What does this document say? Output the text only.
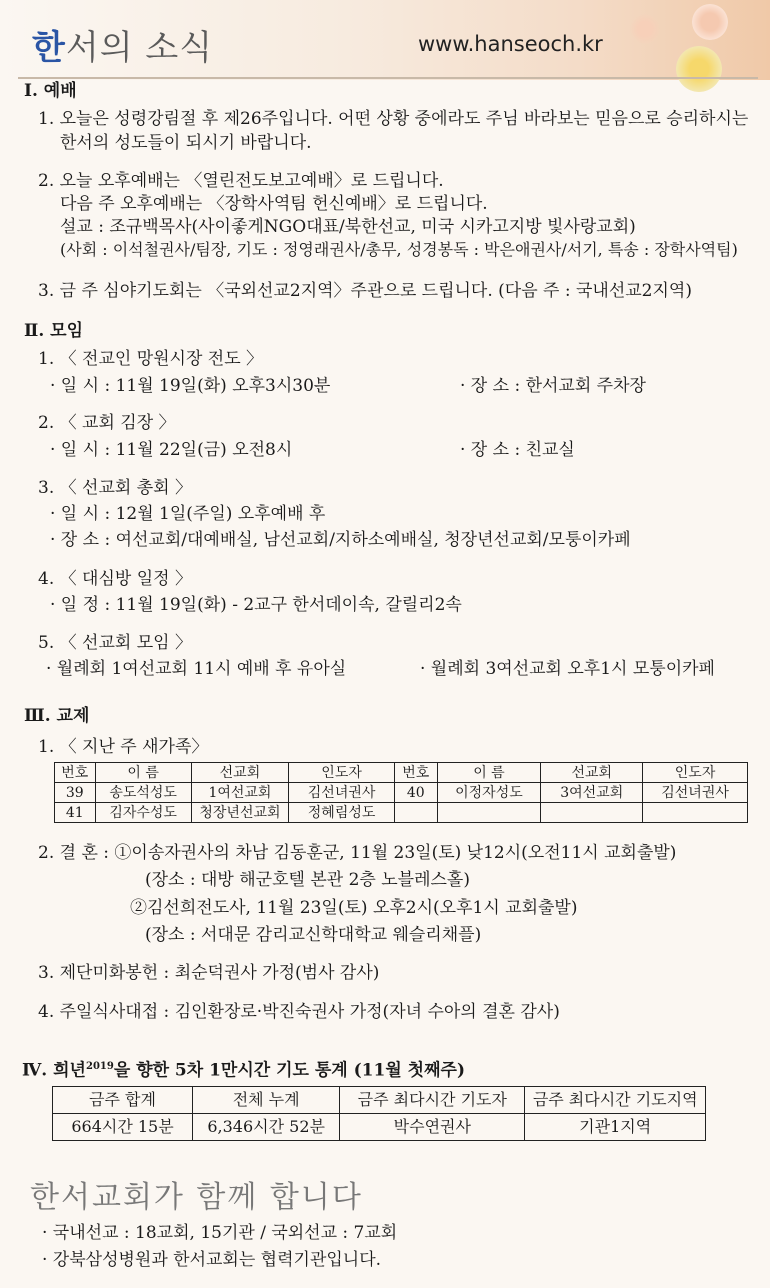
한서의 소식	www.hanseoch.kr
Ⅰ. 예배
1. 오늘은 성령강림절 후 제26주입니다. 어떤 상황 중에라도 주님 바라보는 믿음으로 승리하시는
한서의 성도들이 되시기 바랍니다.
2. 오늘 오후예배는 〈열린전도보고예배〉로 드립니다.
다음 주 오후예배는 〈장학사역팀 헌신예배〉로 드립니다.
설교 : 조규백목사(사이좋게NGO대표/북한선교, 미국 시카고지방 빛사랑교회)
(사회 : 이석철권사/팀장, 기도 : 정영래권사/총무, 성경봉독 : 박은애권사/서기, 특송 : 장학사역팀)
3. 금 주 심야기도회는 〈국외선교2지역〉주관으로 드립니다. (다음 주 : 국내선교2지역)
Ⅱ. 모임
1. 〈 전교인 망원시장 전도 〉
· 일 시 : 11월 19일(화) 오후3시30분	· 장 소 : 한서교회 주차장
2. 〈 교회 김장 〉
· 일 시 : 11월 22일(금) 오전8시	· 장 소 : 친교실
3. 〈 선교회 총회 〉
· 일 시 : 12월 1일(주일) 오후예배 후
· 장 소 : 여선교회/대예배실, 남선교회/지하소예배실, 청장년선교회/모퉁이카페
4. 〈 대심방 일정 〉
· 일 정 : 11월 19일(화) - 2교구 한서데이속, 갈릴리2속
5. 〈 선교회 모임 〉
· 월례회 1여선교회 11시 예배 후 유아실	· 월례회 3여선교회 오후1시 모퉁이카페
Ⅲ. 교제
1. 〈 지난 주 새가족〉
번호	이 름	선교회	인도자	번호	이 름	선교회	인도자
39	송도석성도	1여선교회	김선녀권사	40	이정자성도	3여선교회	김선녀권사
41	김자수성도	청장년선교회	정혜림성도				
2. 결 혼 : ①이송자권사의 차남 김동훈군, 11월 23일(토) 낮12시(오전11시 교회출발)
(장소 : 대방 해군호텔 본관 2층 노블레스홀)
②김선희전도사, 11월 23일(토) 오후2시(오후1시 교회출발)
(장소 : 서대문 감리교신학대학교 웨슬리채플)
3. 제단미화봉헌 : 최순덕권사 가정(범사 감사)
4. 주일식사대접 : 김인환장로·박진숙권사 가정(자녀 수아의 결혼 감사)
Ⅳ. 희년$^{2019}$을 향한 5차 1만시간 기도 통계 (11월 첫째주)
금주 합계	전체 누계	금주 최다시간 기도자	금주 최다시간 기도지역
664시간 15분	6,346시간 52분	박수연권사	기관1지역
한서교회가 함께 합니다
· 국내선교 : 18교회, 15기관 / 국외선교 : 7교회
· 강북삼성병원과 한서교회는 협력기관입니다.
